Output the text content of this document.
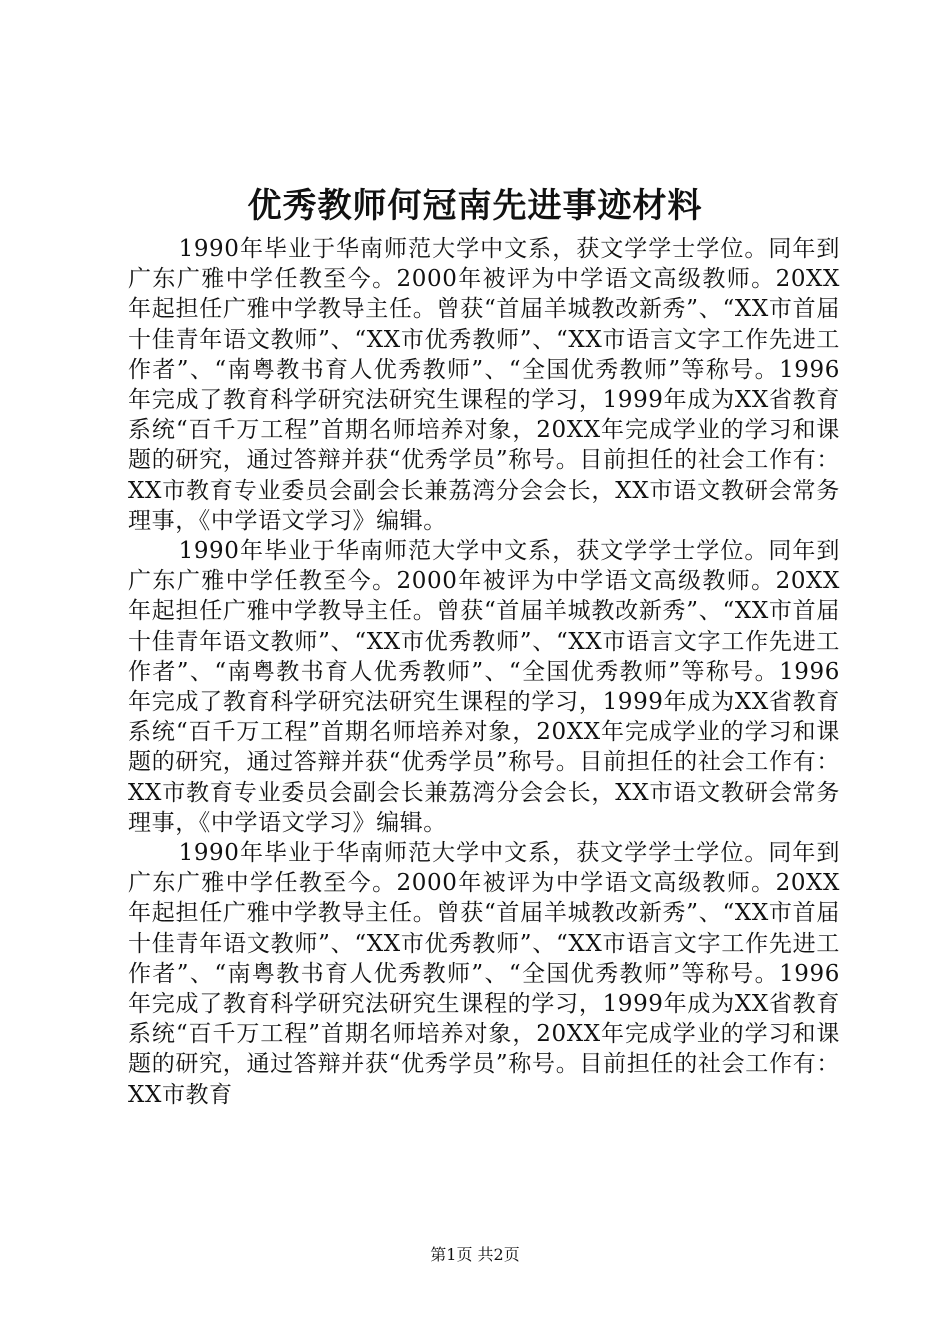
优秀教师何冠南先进事迹材料

1990年毕业于华南师范大学中文系，获文学学士学位。同年到广东广雅中学任教至今。2000年被评为中学语文高级教师。20XX年起担任广雅中学教导主任。曾获“首届羊城教改新秀”、“XX市首届十佳青年语文教师”、“XX市优秀教师”、“XX市语言文字工作先进工作者”、“南粤教书育人优秀教师”、“全国优秀教师”等称号。1996年完成了教育科学研究法研究生课程的学习，1999年成为XX省教育系统“百千万工程”首期名师培养对象，20XX年完成学业的学习和课题的研究，通过答辩并获“优秀学员”称号。目前担任的社会工作有：XX市教育专业委员会副会长兼荔湾分会会长，XX市语文教研会常务理事，《中学语文学习》编辑。

1990年毕业于华南师范大学中文系，获文学学士学位。同年到广东广雅中学任教至今。2000年被评为中学语文高级教师。20XX年起担任广雅中学教导主任。曾获“首届羊城教改新秀”、“XX市首届十佳青年语文教师”、“XX市优秀教师”、“XX市语言文字工作先进工作者”、“南粤教书育人优秀教师”、“全国优秀教师”等称号。1996年完成了教育科学研究法研究生课程的学习，1999年成为XX省教育系统“百千万工程”首期名师培养对象，20XX年完成学业的学习和课题的研究，通过答辩并获“优秀学员”称号。目前担任的社会工作有：XX市教育专业委员会副会长兼荔湾分会会长，XX市语文教研会常务理事，《中学语文学习》编辑。

1990年毕业于华南师范大学中文系，获文学学士学位。同年到广东广雅中学任教至今。2000年被评为中学语文高级教师。20XX年起担任广雅中学教导主任。曾获“首届羊城教改新秀”、“XX市首届十佳青年语文教师”、“XX市优秀教师”、“XX市语言文字工作先进工作者”、“南粤教书育人优秀教师”、“全国优秀教师”等称号。1996年完成了教育科学研究法研究生课程的学习，1999年成为XX省教育系统“百千万工程”首期名师培养对象，20XX年完成学业的学习和课题的研究，通过答辩并获“优秀学员”称号。目前担任的社会工作有：XX市教育

第1页 共2页
